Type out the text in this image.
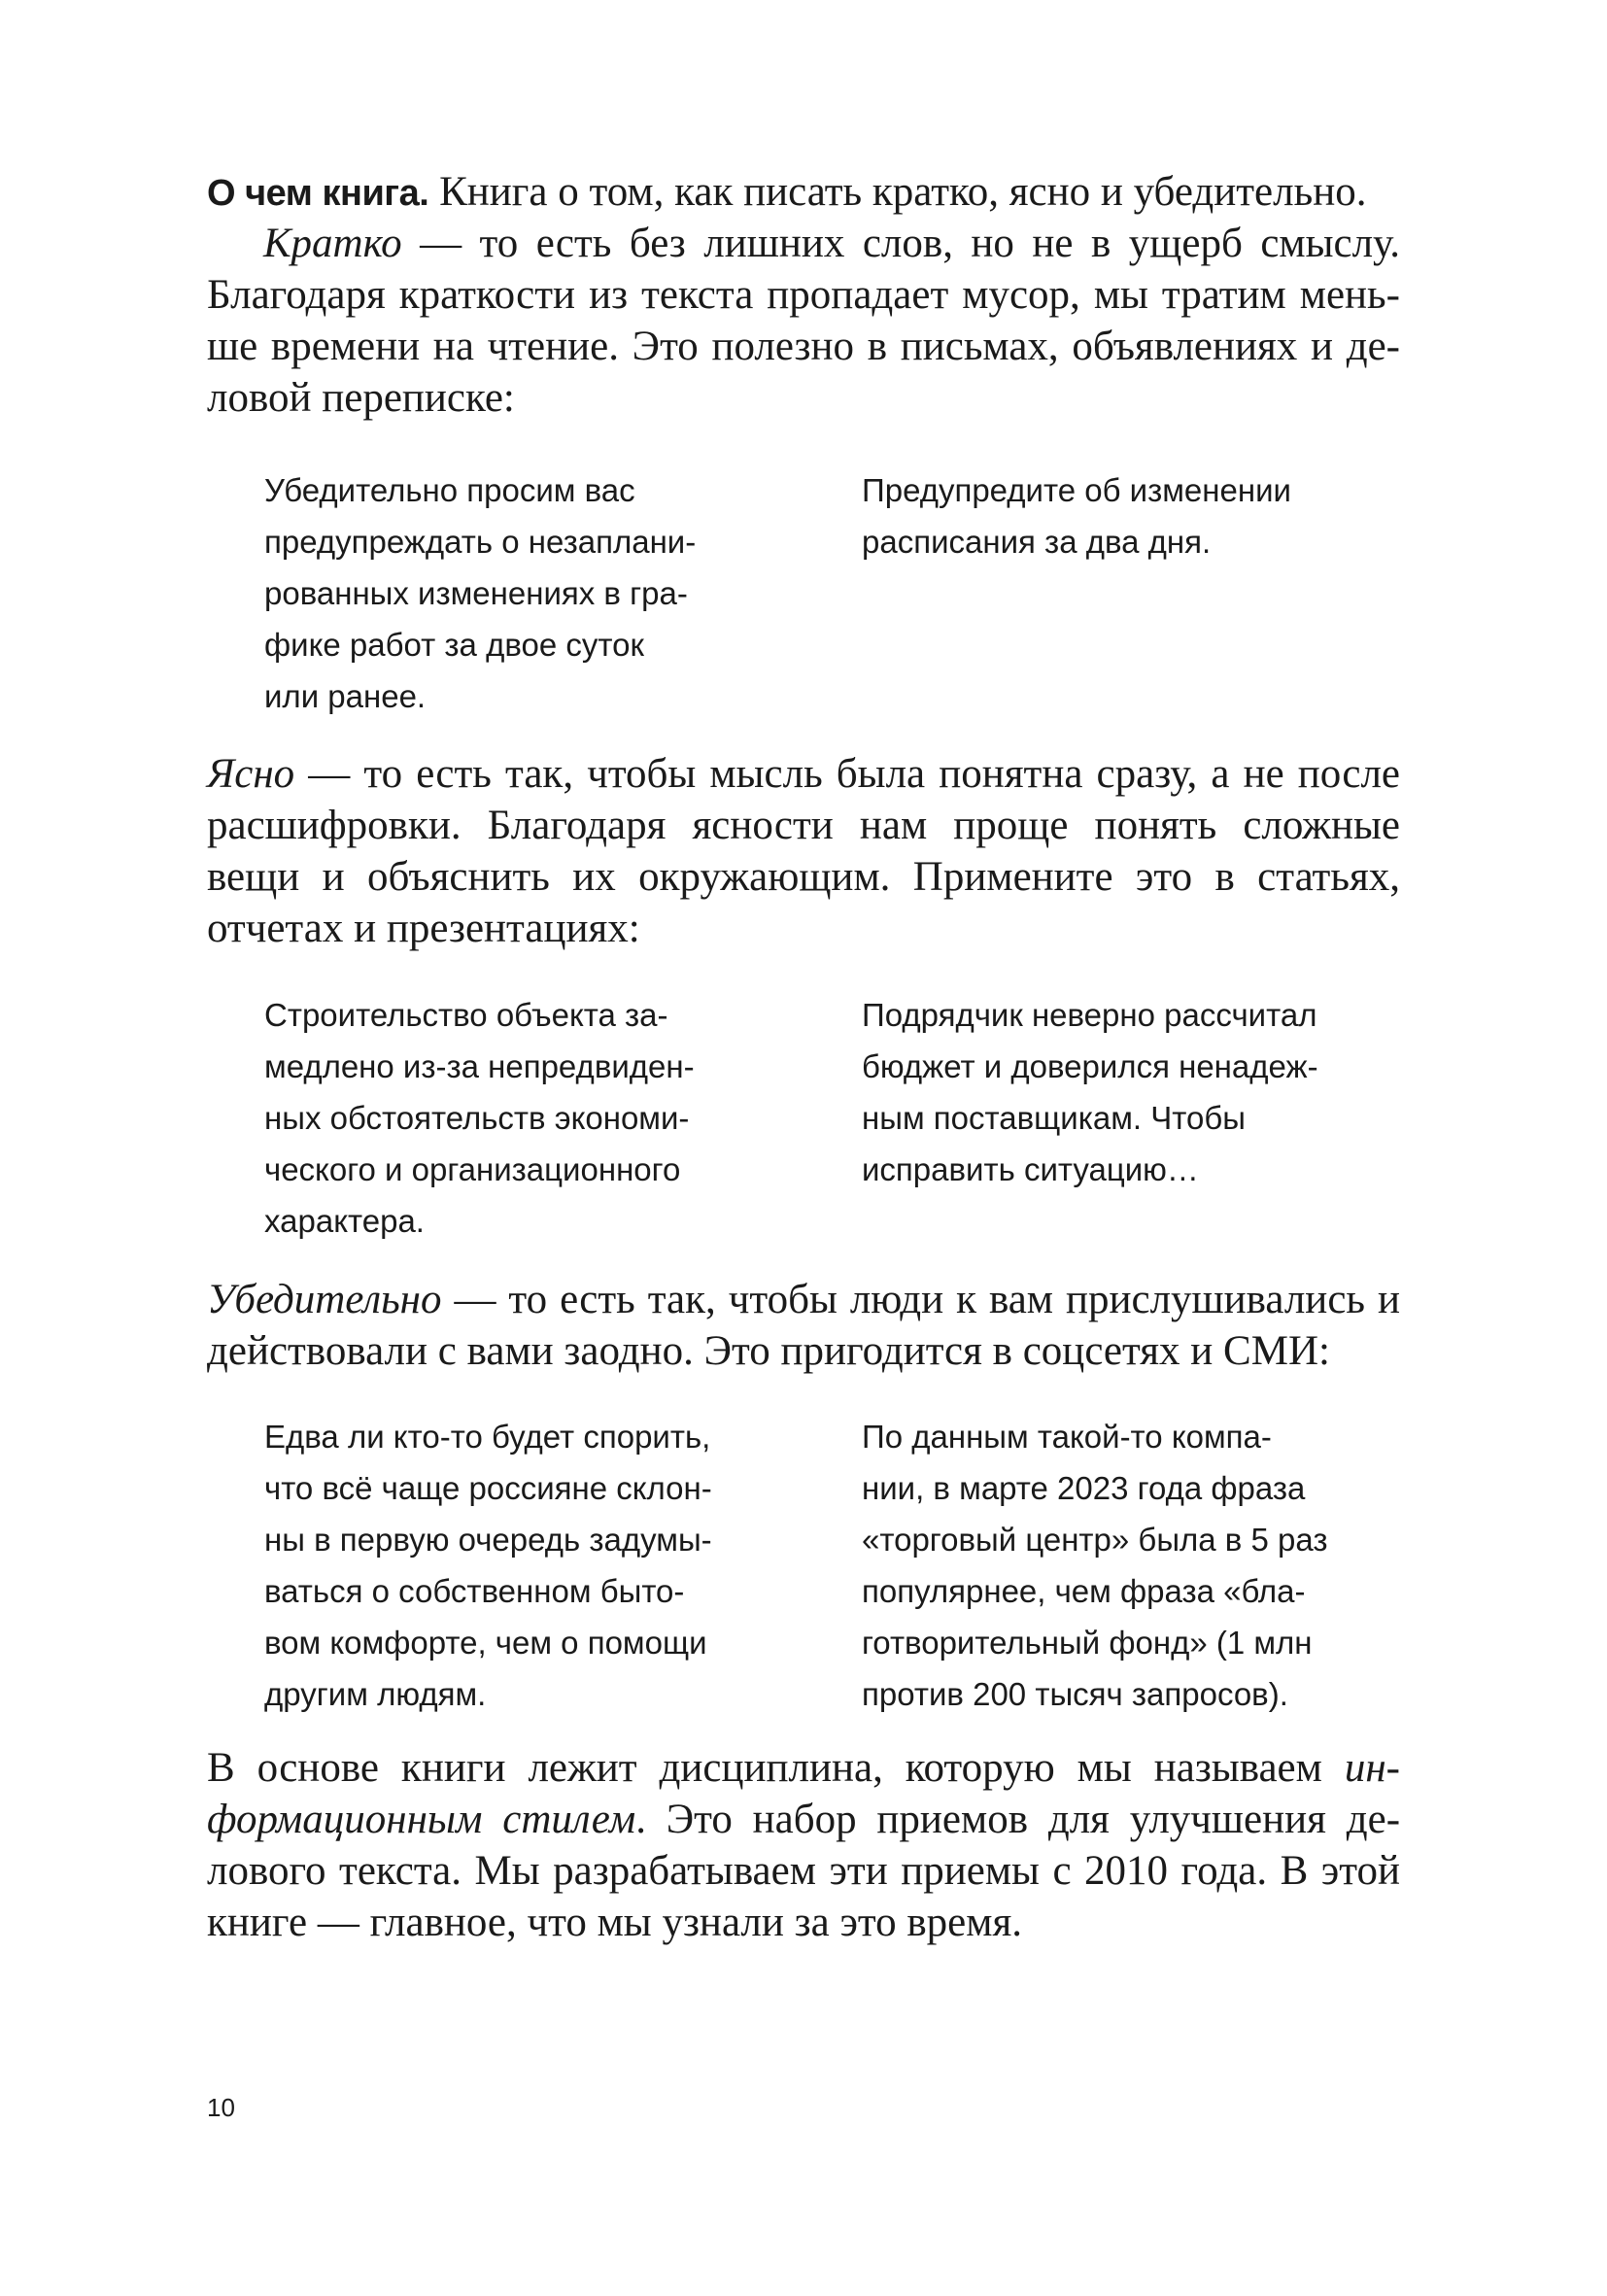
О чем книга. Книга о том, как писать кратко, ясно и убедительно.

Кратко — то есть без лишних слов, но не в ущерб смыслу. Благодаря краткости из текста пропадает мусор, мы тратим меньше времени на чтение. Это полезно в письмах, объявлениях и деловой переписке:

Убедительно просим вас
предупреждать о незаплани-
рованных изменениях в гра-
фике работ за двое суток
или ранее.

Предупредите об изменении
расписания за два дня.

Ясно — то есть так, чтобы мысль была понятна сразу, а не после расшифровки. Благодаря ясности нам проще понять сложные вещи и объяснить их окружающим. Примените это в статьях, отчетах и презентациях:

Строительство объекта за-
медлено из-за непредвиден-
ных обстоятельств экономи-
ческого и организационного
характера.

Подрядчик неверно рассчитал
бюджет и доверился ненадеж-
ным поставщикам. Чтобы
исправить ситуацию…

Убедительно — то есть так, чтобы люди к вам прислушивались и действовали с вами заодно. Это пригодится в соцсетях и СМИ:

Едва ли кто-то будет спорить,
что всё чаще россияне склон-
ны в первую очередь задумы-
ваться о собственном быто-
вом комфорте, чем о помощи
другим людям.

По данным такой-то компа-
нии, в марте 2023 года фраза
«торговый центр» была в 5 раз
популярнее, чем фраза «бла-
готворительный фонд» (1 млн
против 200 тысяч запросов).

В основе книги лежит дисциплина, которую мы называем информационным стилем. Это набор приемов для улучшения делового текста. Мы разрабатываем эти приемы с 2010 года. В этой книге — главное, что мы узнали за это время.

10
